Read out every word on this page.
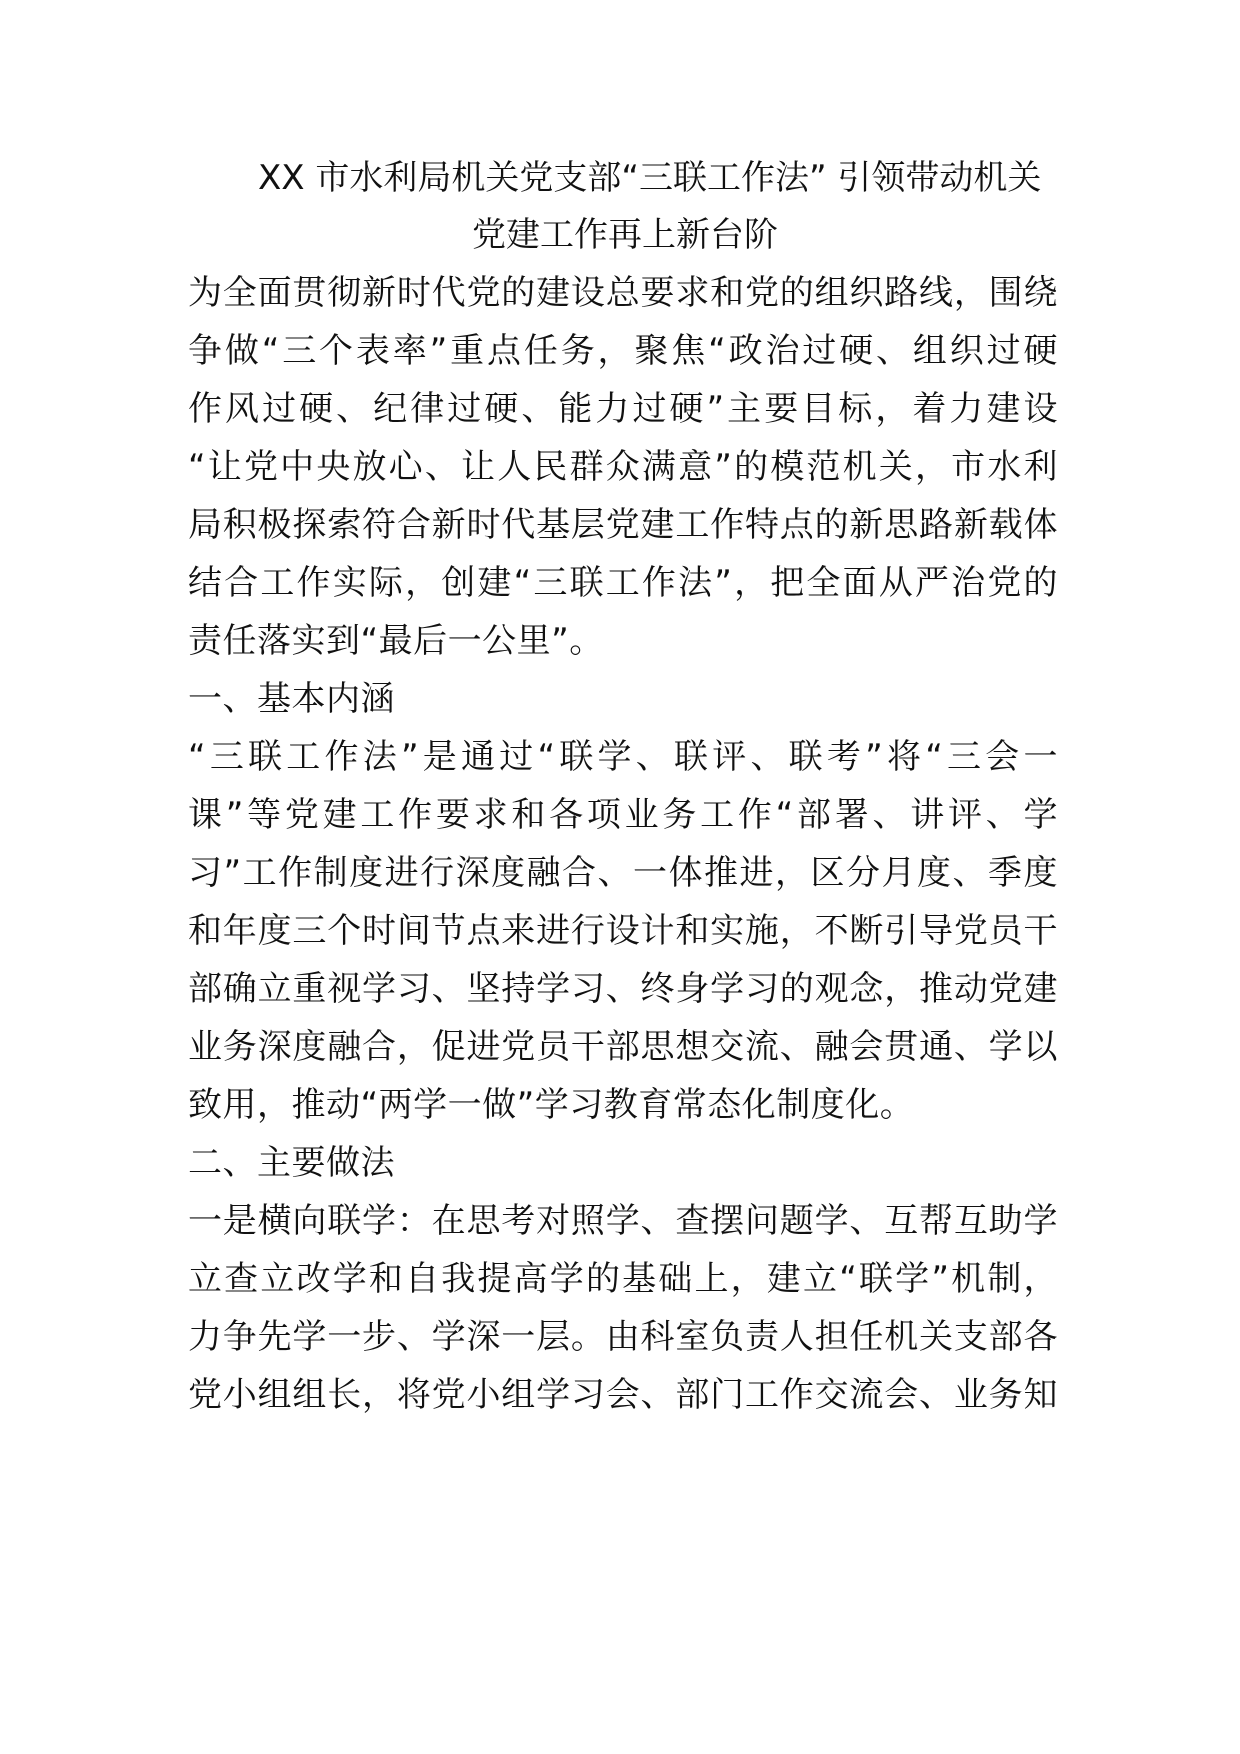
XX 市水利局机关党支部“三联工作法” 引领带动机关
党建工作再上新台阶
为全面贯彻新时代党的建设总要求和党的组织路线，围绕
争做“三个表率”重点任务，聚焦“政治过硬、组织过硬
作风过硬、纪律过硬、能力过硬”主要目标，着力建设
“让党中央放心、让人民群众满意”的模范机关，市水利
局积极探索符合新时代基层党建工作特点的新思路新载体
结合工作实际，创建“三联工作法”，把全面从严治党的
责任落实到“最后一公里”。
一、基本内涵
“三联工作法”是通过“联学、联评、联考”将“三会一
课”等党建工作要求和各项业务工作“部署、讲评、学
习”工作制度进行深度融合、一体推进，区分月度、季度
和年度三个时间节点来进行设计和实施，不断引导党员干
部确立重视学习、坚持学习、终身学习的观念，推动党建
业务深度融合，促进党员干部思想交流、融会贯通、学以
致用，推动“两学一做”学习教育常态化制度化。
二、主要做法
一是横向联学：在思考对照学、查摆问题学、互帮互助学
立查立改学和自我提高学的基础上，建立“联学”机制，
力争先学一步、学深一层。由科室负责人担任机关支部各
党小组组长，将党小组学习会、部门工作交流会、业务知
